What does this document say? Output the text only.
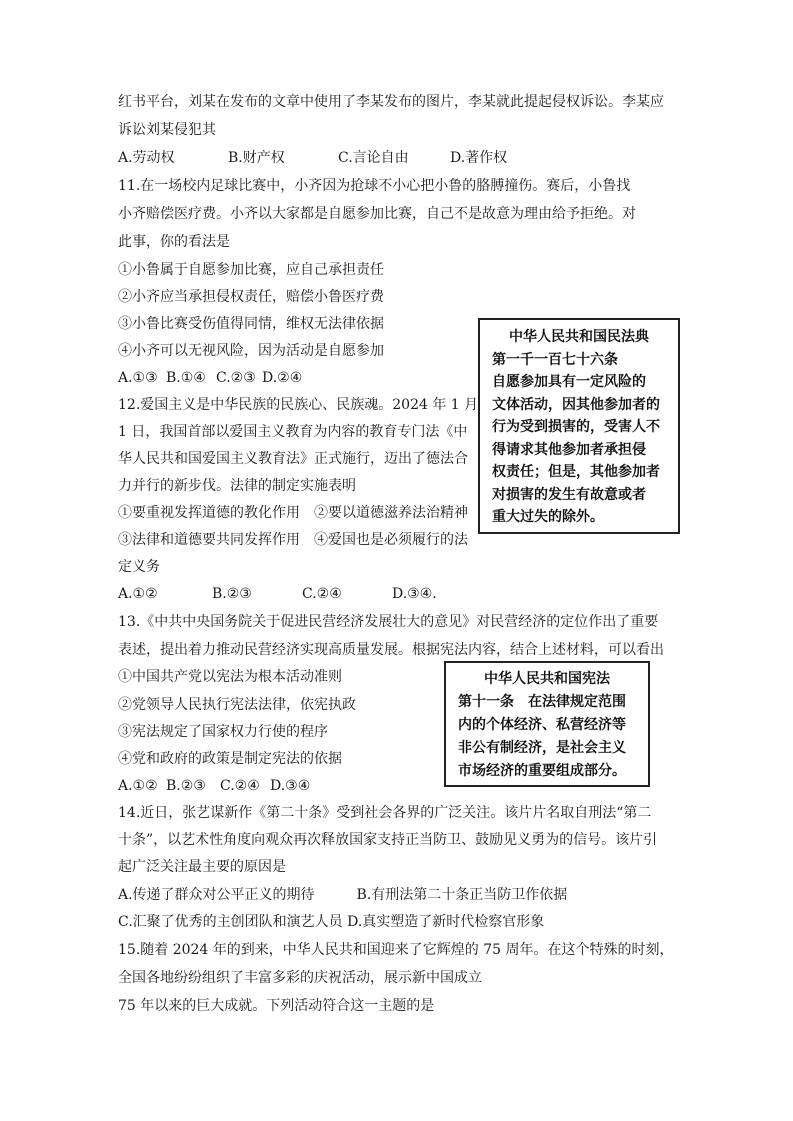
红书平台，刘某在发布的文章中使用了李某发布的图片，李某就此提起侵权诉讼。李某应
诉讼刘某侵犯其
A.劳动权	B.财产权	C.言论自由	D.著作权
11.在一场校内足球比赛中，小齐因为抢球不小心把小鲁的胳膊撞伤。赛后，小鲁找
小齐赔偿医疗费。小齐以大家都是自愿参加比赛，自己不是故意为理由给予拒绝。对
此事，你的看法是
①小鲁属于自愿参加比赛，应自己承担责任
②小齐应当承担侵权责任，赔偿小鲁医疗费
③小鲁比赛受伤值得同情，维权无法律依据
④小齐可以无视风险，因为活动是自愿参加
A.①③ B.①④ C.②③ D.②④
中华人民共和国民法典
第一千一百七十六条
自愿参加具有一定风险的
文体活动，因其他参加者的
行为受到损害的，受害人不
得请求其他参加者承担侵
权责任；但是，其他参加者
对损害的发生有故意或者
重大过失的除外。
12.爱国主义是中华民族的民族心、民族魂。2024 年 1 月
1 日，我国首部以爱国主义教育为内容的教育专门法《中
华人民共和国爱国主义教育法》正式施行，迈出了德法合
力并行的新步伐。法律的制定实施表明
①要重视发挥道德的教化作用　②要以道德滋养法治精神
③法律和道德要共同发挥作用　④爱国也是必须履行的法
定义务
A.①②	B.②③	C.②④	D.③④.
13.《中共中央国务院关于促进民营经济发展壮大的意见》对民营经济的定位作出了重要
表述，提出着力推动民营经济实现高质量发展。根据宪法内容，结合上述材料，可以看出
①中国共产党以宪法为根本活动准则
②党领导人民执行宪法法律，依宪执政
③宪法规定了国家权力行使的程序
④党和政府的政策是制定宪法的依据
A.①② B.②③ C.②④ D.③④
中华人民共和国宪法
第十一条　在法律规定范围
内的个体经济、私营经济等
非公有制经济，是社会主义
市场经济的重要组成部分。
14.近日，张艺谋新作《第二十条》受到社会各界的广泛关注。该片片名取自刑法“第二
十条”，以艺术性角度向观众再次释放国家支持正当防卫、鼓励见义勇为的信号。该片引
起广泛关注最主要的原因是
A.传递了群众对公平正义的期待　　　B.有刑法第二十条正当防卫作依据
C.汇聚了优秀的主创团队和演艺人员 D.真实塑造了新时代检察官形象
15.随着 2024 年的到来，中华人民共和国迎来了它辉煌的 75 周年。在这个特殊的时刻，
全国各地纷纷组织了丰富多彩的庆祝活动，展示新中国成立
75 年以来的巨大成就。下列活动符合这一主题的是
